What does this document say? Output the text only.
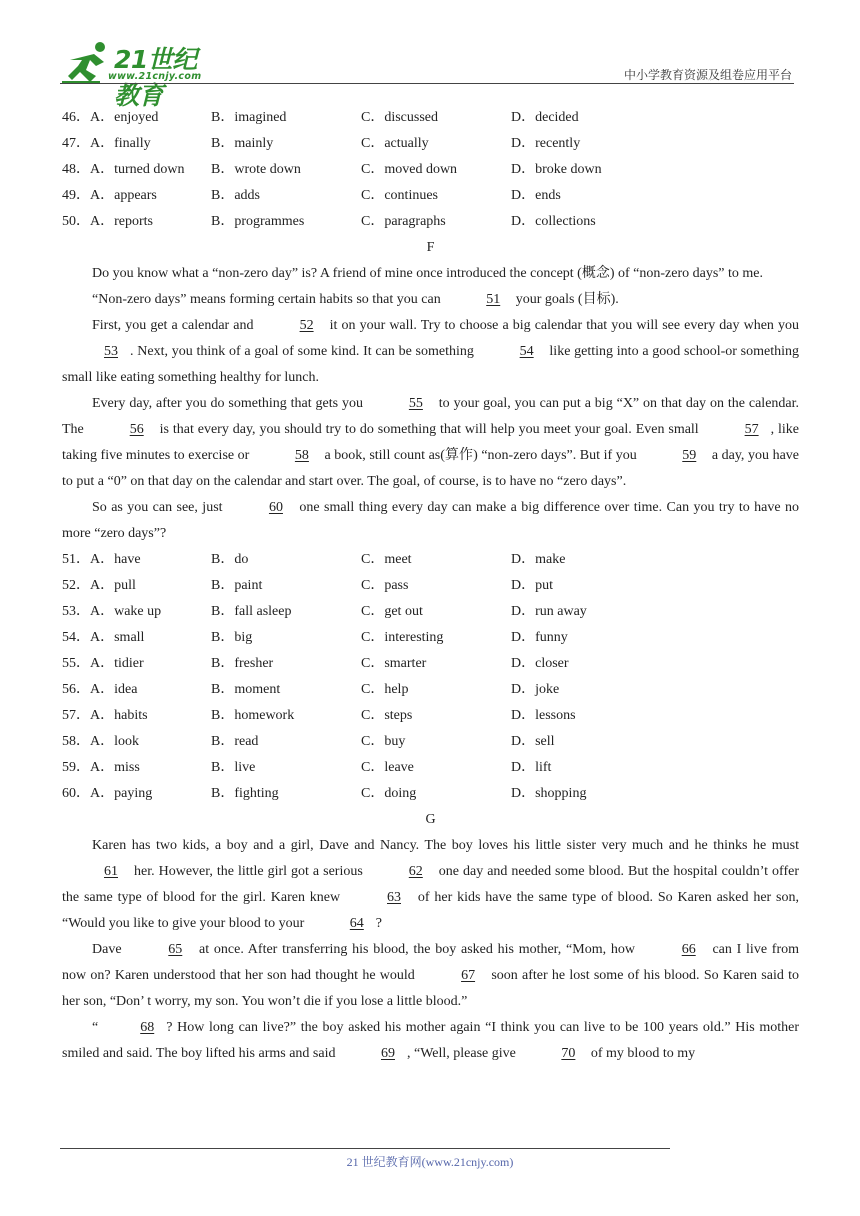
21世纪教育
www.21cnjy.com	中小学教育资源及组卷应用平台
46．A．enjoyed	B．imagined	C．discussed	D．decided
47．A．finally	B．mainly	C．actually	D．recently
48．A．turned down B．wrote down	C．moved down	D．broke down
49．A．appears	B．adds	C．continues	D．ends
50．A．reports	B．programmes	C．paragraphs	D．collections
F

Do you know what a “non-zero day” is? A friend of mine once introduced the concept (概念) of “non-zero days” to me.

“Non-zero days” means forming certain habits so that you can	51 your goals (目标).

First, you get a calendar and	52 it on your wall. Try to choose a big calendar that you will see every day when you 53 . Next, you think of a goal of some kind. It can be something	54 like getting into a good school-or something small like eating something healthy for lunch.

Every day, after you do something that gets you	55 to your goal, you can put a big “X” on that day on the calendar. The	56 is that every day, you should try to do something that will help you meet your goal. Even small	57 , like taking five minutes to exercise or	58 a book, still count as(算作) “non-zero days”. But if you	59 a day, you have to put a “0” on that day on the calendar and start over. The goal, of course, is to have no “zero days”.

So as you can see, just	60 one small thing every day can make a big difference over time. Can you try to have no more “zero days”?

51．A．have	B．do	C．meet	D．make
52．A．pull	B．paint	C．pass	D．put
53．A．wake up	B．fall asleep	C．get out	D．run away
54．A．small	B．big	C．interesting	D．funny
55．A．tidier	B．fresher	C．smarter	D．closer
56．A．idea	B．moment	C．help	D．joke
57．A．habits	B．homework	C．steps	D．lessons
58．A．look	B．read	C．buy	D．sell
59．A．miss	B．live	C．leave	D．lift
60．A．paying	B．fighting	C．doing	D．shopping
G

Karen has two kids, a boy and a girl, Dave and Nancy. The boy loves his little sister very much and he thinks he must 61 her. However, the little girl got a serious	62 one day and needed some blood. But the hospital couldn’t offer the same type of blood for the girl. Karen knew	63 of her kids have the same type of blood. So Karen asked her son, “Would you like to give your blood to your	64 ?

Dave	65 at once. After transferring his blood, the boy asked his mother, “Mom, how	66 can I live from now on? Karen understood that her son had thought he would	67 soon after he lost some of his blood. So Karen said to her son, “Don’ t worry, my son. You won’t die if you lose a little blood.”

“	68 ? How long can live?” the boy asked his mother again “I think you can live to be 100 years old.” His mother smiled and said. The boy lifted his arms and said	69 , “Well, please give	70 of my blood to my

21 世纪教育网(www.21cnjy.com)
